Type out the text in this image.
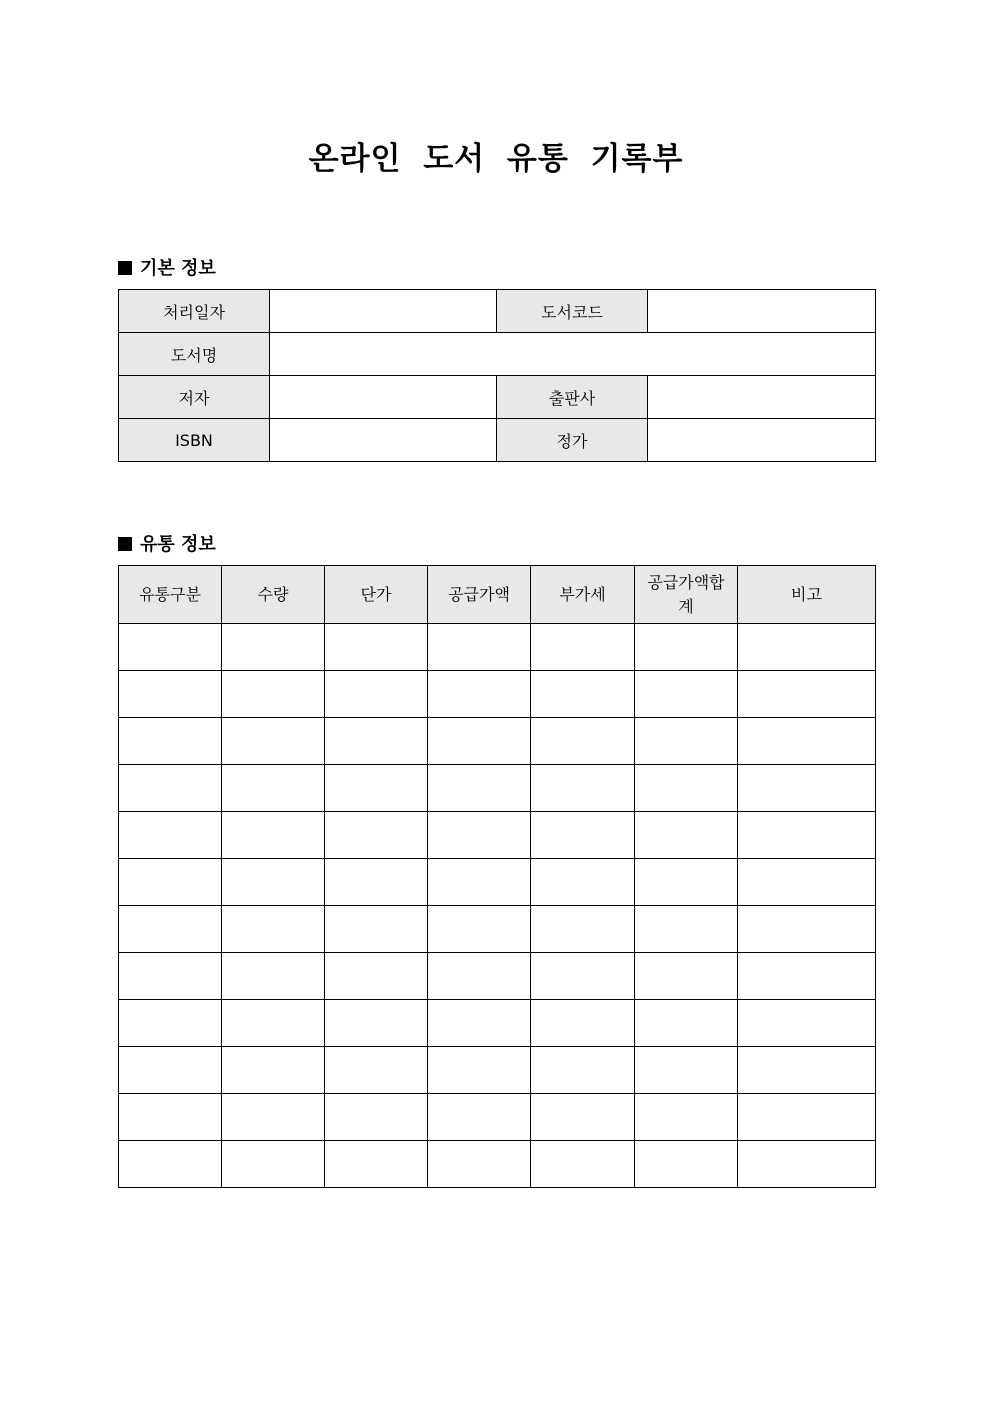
온라인 도서 유통 기록부
기본 정보
처리일자		도서코드	
도서명			
저자		출판사	
ISBN		정가	
유통 정보
유통구분	수량	단가	공급가액	부가세	공급가액합계	비고
